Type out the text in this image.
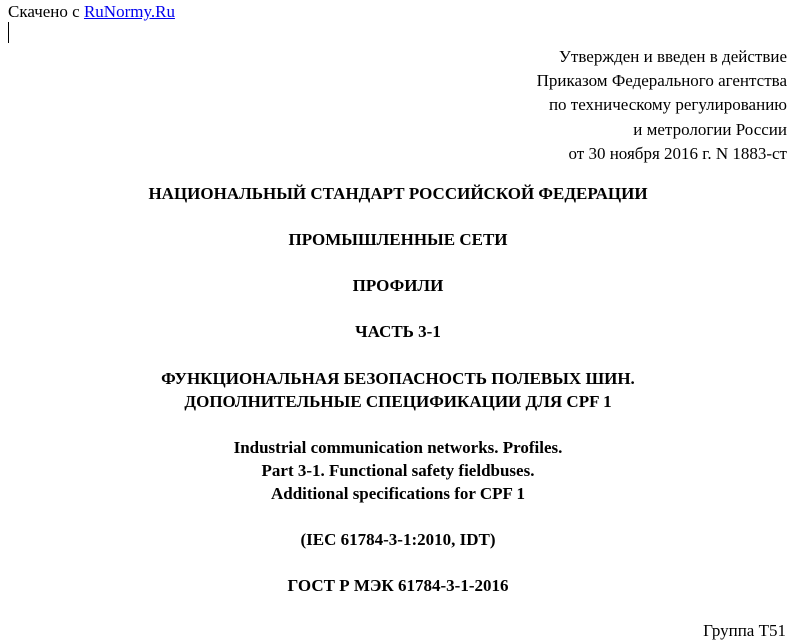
Скачено с RuNormy.Ru
Утвержден и введен в действие
Приказом Федерального агентства
по техническому регулированию
и метрологии России
от 30 ноября 2016 г. N 1883-ст
НАЦИОНАЛЬНЫЙ СТАНДАРТ РОССИЙСКОЙ ФЕДЕРАЦИИ
ПРОМЫШЛЕННЫЕ СЕТИ
ПРОФИЛИ
ЧАСТЬ 3-1
ФУНКЦИОНАЛЬНАЯ БЕЗОПАСНОСТЬ ПОЛЕВЫХ ШИН.
ДОПОЛНИТЕЛЬНЫЕ СПЕЦИФИКАЦИИ ДЛЯ CPF 1
Industrial communication networks. Profiles.
Part 3-1. Functional safety fieldbuses.
Additional specifications for CPF 1
(IEC 61784-3-1:2010, IDT)
ГОСТ Р МЭК 61784-3-1-2016
Группа Т51
